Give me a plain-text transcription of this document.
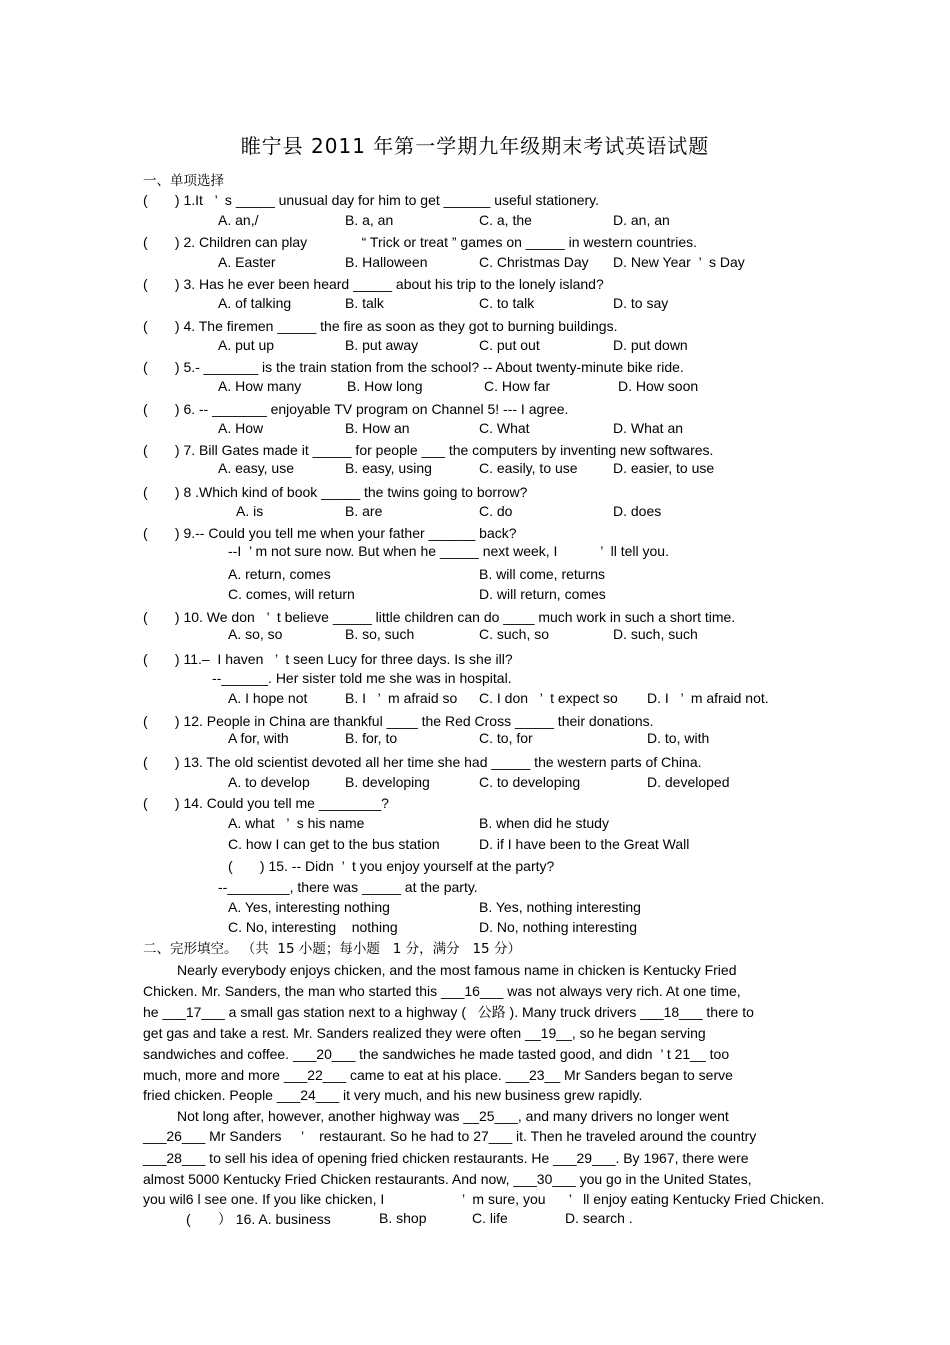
睢宁县 2011 年第一学期九年级期末考试英语试题
一、单项选择
(       ) 1.It   ’  s _____ unusual day for him to get ______ useful stationery.
A. an,/	B. a, an	C. a, the	D. an, an
(       ) 2. Children can play              “ Trick or treat ” games on _____ in western countries.
A. Easter	B. Halloween	C. Christmas Day D. New Year  ’  s Day
(       ) 3. Has he ever been heard _____ about his trip to the lonely island?
A. of talking	B. talk	C. to talk	D. to say
(       ) 4. The firemen _____ the fire as soon as they got to burning buildings.
A. put up	B. put away	C. put out	D. put down
(       ) 5.- _______ is the train station from the school? -- About twenty-minute bike ride.
A. How many	B. How long	C. How far	D. How soon
(       ) 6. -- _______ enjoyable TV program on Channel 5! --- I agree.
A. How	B. How an	C. What	D. What an
(       ) 7. Bill Gates made it _____ for people ___ the computers by inventing new softwares.
A. easy, use	B. easy, using	C. easily, to use	D. easier, to use
(       ) 8 .Which kind of book _____ the twins going to borrow?
A. is	B. are	C. do	D. does
(       ) 9.-- Could you tell me when your father ______ back?
--I  ’ m not sure now. But when he _____ next week, I           ’  ll tell you.
A. return, comes	B. will come, returns
C. comes, will return	D. will return, comes
(       ) 10. We don   ’  t believe _____ little children can do ____ much work in such a short time.
A. so, so	B. so, such	C. such, so	D. such, such
(       ) 11.–  I haven   ’  t seen Lucy for three days. Is she ill?
--______. Her sister told me she was in hospital.
A. I hope not	B. I   ’  m afraid so C. I don   ’  t expect so D. I   ’  m afraid not.
(       ) 12. People in China are thankful ____ the Red Cross _____ their donations.
A for, with	B. for, to	C. to, for	D. to, with
(       ) 13. The old scientist devoted all her time she had _____ the western parts of China.
A. to develop	B. developing	C. to developing	D. developed
(       ) 14. Could you tell me ________?
A. what   ’  s his name	B. when did he study
C. how I can get to the bus station	D. if I have been to the Great Wall
(       ) 15. -- Didn  ’  t you enjoy yourself at the party?
--________, there was _____ at the party.
A. Yes, interesting nothing	B. Yes, nothing interesting
C. No, interesting    nothing	D. No, nothing interesting
二、完形填空。 （共  15 小题；每小题   1 分，满分   15 分）
Nearly everybody enjoys chicken, and the most famous name in chicken is Kentucky Fried
Chicken. Mr. Sanders, the man who started this ___16___ was not always very rich. At one time,
he ___17___ a small gas station next to a highway (   公路 ). Many truck drivers ___18___ there to
get gas and take a rest. Mr. Sanders realized they were often __19__, so he began serving
sandwiches and coffee. ___20___ the sandwiches he made tasted good, and didn  ’ t 21__ too
much, more and more ___22___ came to eat at his place. ___23__ Mr Sanders began to serve
fried chicken. People ___24___ it very much, and his new business grew rapidly.
Not long after, however, another highway was __25___, and many drivers no longer went
___26___ Mr Sanders     ’    restaurant. So he had to 27___ it. Then he traveled around the country
___28___ to sell his idea of opening fried chicken restaurants. He ___29___. By 1967, there were
almost 5000 Kentucky Fried Chicken restaurants. And now, ___30___ you go in the United States,
you wil6 l see one. If you like chicken, I                    ’  m sure, you      ’   ll enjoy eating Kentucky Fried Chicken.
(       ） 16. A. business	B. shop	C. life	D. search .
